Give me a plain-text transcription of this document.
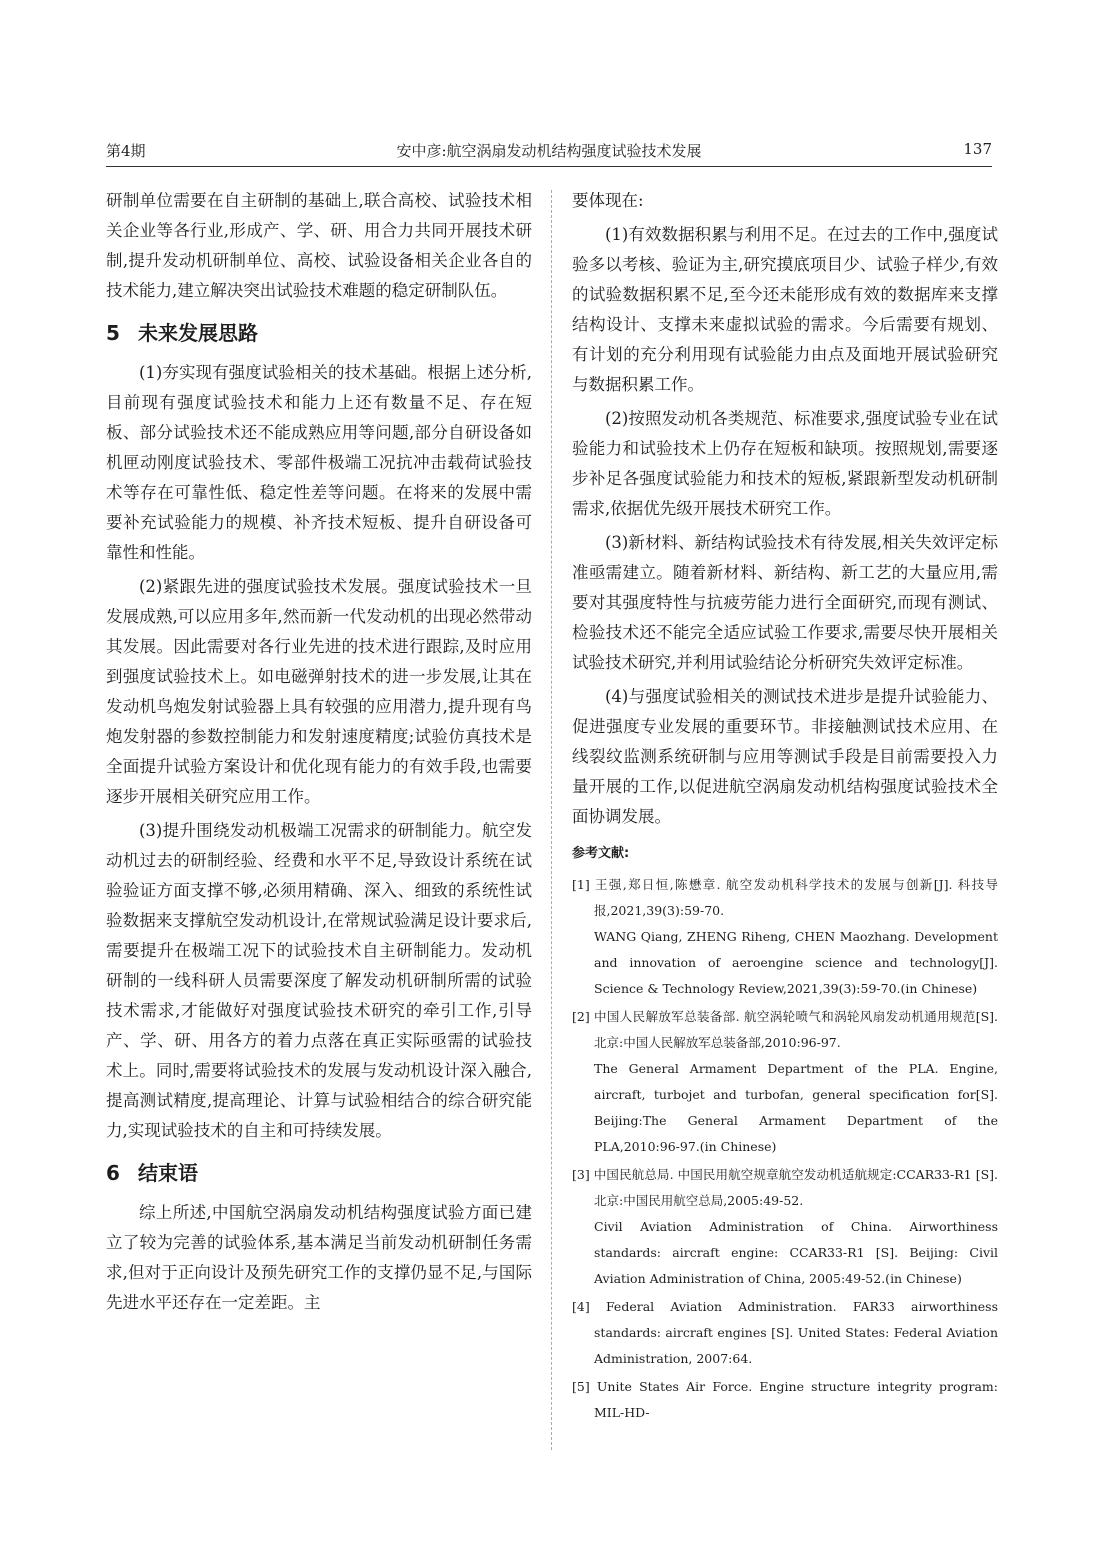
第4期	安中彦:航空涡扇发动机结构强度试验技术发展	137

研制单位需要在自主研制的基础上,联合高校、试验技术相关企业等各行业,形成产、学、研、用合力共同开展技术研制,提升发动机研制单位、高校、试验设备相关企业各自的技术能力,建立解决突出试验技术难题的稳定研制队伍。

5 未来发展思路

(1)夯实现有强度试验相关的技术基础。根据上述分析,目前现有强度试验技术和能力上还有数量不足、存在短板、部分试验技术还不能成熟应用等问题,部分自研设备如机匣动刚度试验技术、零部件极端工况抗冲击载荷试验技术等存在可靠性低、稳定性差等问题。在将来的发展中需要补充试验能力的规模、补齐技术短板、提升自研设备可靠性和性能。

(2)紧跟先进的强度试验技术发展。强度试验技术一旦发展成熟,可以应用多年,然而新一代发动机的出现必然带动其发展。因此需要对各行业先进的技术进行跟踪,及时应用到强度试验技术上。如电磁弹射技术的进一步发展,让其在发动机鸟炮发射试验器上具有较强的应用潜力,提升现有鸟炮发射器的参数控制能力和发射速度精度;试验仿真技术是全面提升试验方案设计和优化现有能力的有效手段,也需要逐步开展相关研究应用工作。

(3)提升围绕发动机极端工况需求的研制能力。航空发动机过去的研制经验、经费和水平不足,导致设计系统在试验验证方面支撑不够,必须用精确、深入、细致的系统性试验数据来支撑航空发动机设计,在常规试验满足设计要求后,需要提升在极端工况下的试验技术自主研制能力。发动机研制的一线科研人员需要深度了解发动机研制所需的试验技术需求,才能做好对强度试验技术研究的牵引工作,引导产、学、研、用各方的着力点落在真正实际亟需的试验技术上。同时,需要将试验技术的发展与发动机设计深入融合,提高测试精度,提高理论、计算与试验相结合的综合研究能力,实现试验技术的自主和可持续发展。

6 结束语

综上所述,中国航空涡扇发动机结构强度试验方面已建立了较为完善的试验体系,基本满足当前发动机研制任务需求,但对于正向设计及预先研究工作的支撑仍显不足,与国际先进水平还存在一定差距。主

要体现在:

(1)有效数据积累与利用不足。在过去的工作中,强度试验多以考核、验证为主,研究摸底项目少、试验子样少,有效的试验数据积累不足,至今还未能形成有效的数据库来支撑结构设计、支撑未来虚拟试验的需求。今后需要有规划、有计划的充分利用现有试验能力由点及面地开展试验研究与数据积累工作。

(2)按照发动机各类规范、标准要求,强度试验专业在试验能力和试验技术上仍存在短板和缺项。按照规划,需要逐步补足各强度试验能力和技术的短板,紧跟新型发动机研制需求,依据优先级开展技术研究工作。

(3)新材料、新结构试验技术有待发展,相关失效评定标准亟需建立。随着新材料、新结构、新工艺的大量应用,需要对其强度特性与抗疲劳能力进行全面研究,而现有测试、检验技术还不能完全适应试验工作要求,需要尽快开展相关试验技术研究,并利用试验结论分析研究失效评定标准。

(4)与强度试验相关的测试技术进步是提升试验能力、促进强度专业发展的重要环节。非接触测试技术应用、在线裂纹监测系统研制与应用等测试手段是目前需要投入力量开展的工作,以促进航空涡扇发动机结构强度试验技术全面协调发展。

参考文献:
[1] 王强,郑日恒,陈懋章. 航空发动机科学技术的发展与创新[J]. 科技导报,2021,39(3):59-70.
WANG Qiang, ZHENG Riheng, CHEN Maozhang. Development and innovation of aeroengine science and technology[J]. Science & Technology Review,2021,39(3):59-70.(in Chinese)
[2] 中国人民解放军总装备部. 航空涡轮喷气和涡轮风扇发动机通用规范[S]. 北京:中国人民解放军总装备部,2010:96-97.
The General Armament Department of the PLA. Engine, aircraft, turbojet and turbofan, general specification for[S]. Beijing:The General Armament Department of the PLA,2010:96-97.(in Chinese)
[3] 中国民航总局. 中国民用航空规章航空发动机适航规定:CCAR33-R1 [S]. 北京:中国民用航空总局,2005:49-52.
Civil Aviation Administration of China. Airworthiness standards: aircraft engine: CCAR33-R1 [S]. Beijing: Civil Aviation Administration of China, 2005:49-52.(in Chinese)
[4] Federal Aviation Administration. FAR33 airworthiness standards: aircraft engines [S]. United States: Federal Aviation Administration, 2007:64.
[5] Unite States Air Force. Engine structure integrity program: MIL-HD-
